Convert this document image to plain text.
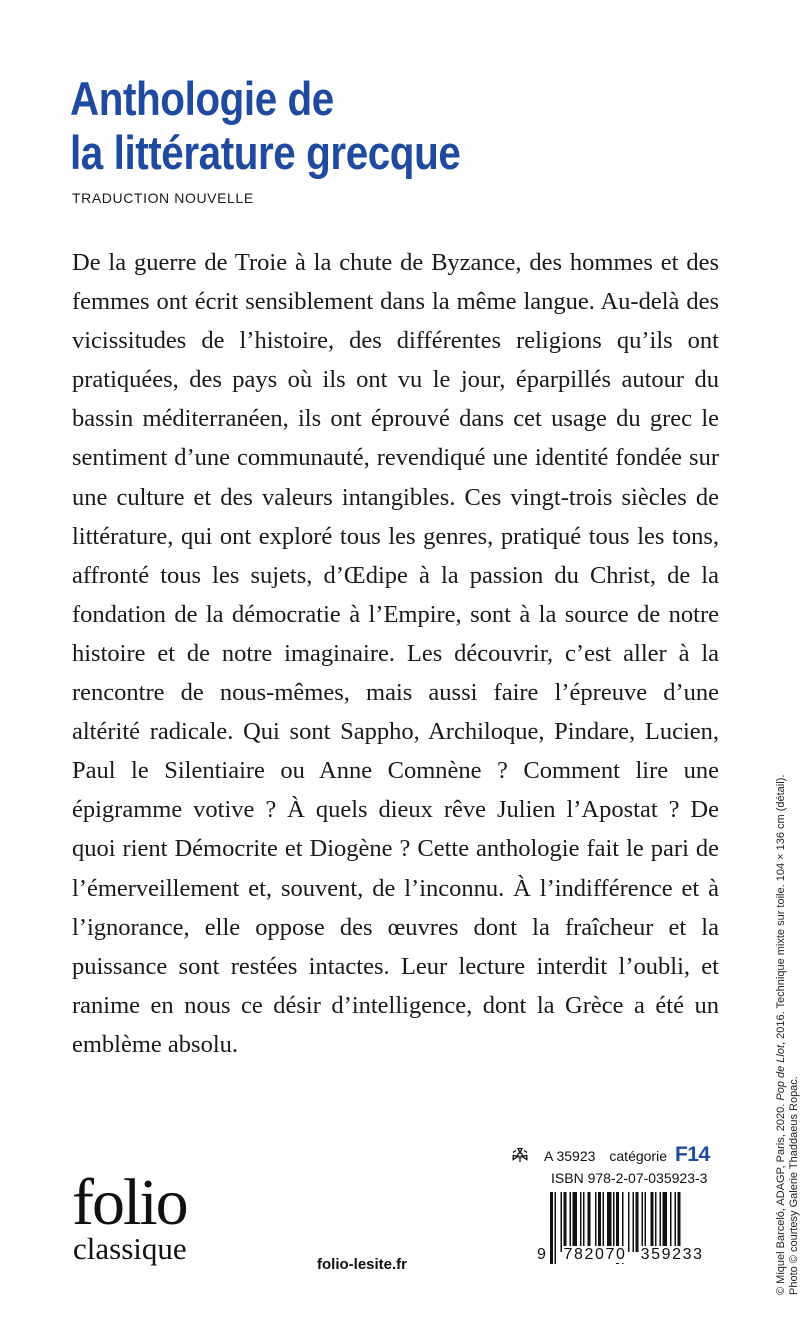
Anthologie de
la littérature grecque
TRADUCTION NOUVELLE
De la guerre de Troie à la chute de Byzance, des hommes et des femmes ont écrit sensiblement dans la même langue. Au-delà des vicissitudes de l’histoire, des différentes religions qu’ils ont pratiquées, des pays où ils ont vu le jour, éparpillés autour du bassin méditerranéen, ils ont éprouvé dans cet usage du grec le sentiment d’une communauté, revendiqué une identité fondée sur une culture et des valeurs intangibles. Ces vingt-trois siècles de littérature, qui ont exploré tous les genres, pratiqué tous les tons, affronté tous les sujets, d’Œdipe à la passion du Christ, de la fondation de la démocratie à l’Empire, sont à la source de notre histoire et de notre imaginaire. Les découvrir, c’est aller à la rencontre de nous-mêmes, mais aussi faire l’épreuve d’une altérité radicale. Qui sont Sappho, Archiloque, Pindare, Lucien, Paul le Silentiaire ou Anne Comnène ? Comment lire une épigramme votive ? À quels dieux rêve Julien l’Apostat ? De quoi rient Démocrite et Diogène ? Cette anthologie fait le pari de l’émerveillement et, souvent, de l’inconnu. À l’indifférence et à l’ignorance, elle oppose des œuvres dont la fraîcheur et la puissance sont restées intactes. Leur lecture interdit l’oubli, et ranime en nous ce désir d’intelligence, dont la Grèce a été un emblème absolu.
© Miquel Barceló, ADAGP, Paris, 2020. Pop de Llot, 2016. Technique mixte sur toile. 104 × 136 cm (détail).
Photo © courtesy Galerie Thaddaeus Ropac.
folio
classique	folio-lesite.fr
A 35923 catégorie F14
ISBN 978-2-07-035923-3
9 782070 359233
